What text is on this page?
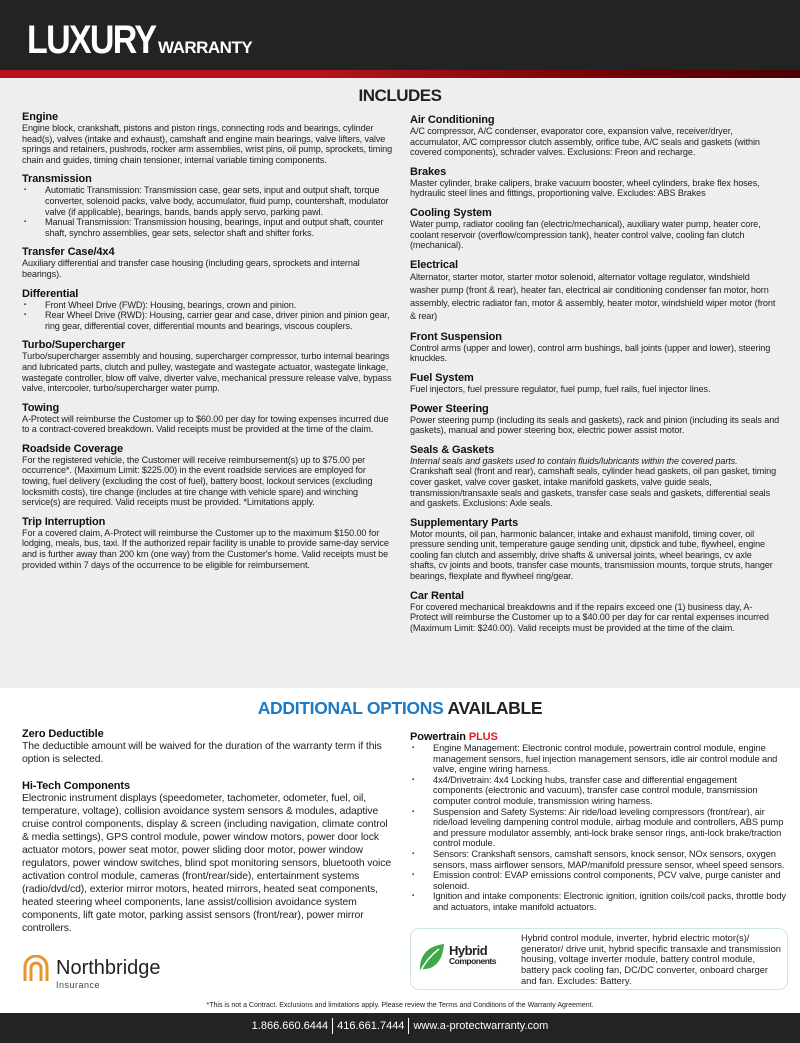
LUXURY WARRANTY
INCLUDES
Engine

Engine block, crankshaft, pistons and piston rings, connecting rods and bearings, cylinder head(s), valves (intake and exhaust), camshaft and engine main bearings, valve lifters, valve springs and retainers, pushrods, rocker arm assemblies, wrist pins, oil pump, sprockets, timing chain and guides, timing chain tensioner, internal variable timing components.

Transmission
▪ Automatic Transmission: Transmission case, gear sets, input and output shaft, torque converter, solenoid packs, valve body, accumulator, fluid pump, countershaft, modulator valve (if applicable), bearings, bands, bands apply servo, parking pawl.
▪ Manual Transmission: Transmission housing, bearings, input and output shaft, counter shaft, synchro assemblies, gear sets, selector shaft and shifter forks.
Transfer Case/4x4

Auxiliary differential and transfer case housing (including gears, sprockets and internal bearings).

Differential
▪ Front Wheel Drive (FWD): Housing, bearings, crown and pinion.
▪ Rear Wheel Drive (RWD): Housing, carrier gear and case, driver pinion and pinion gear, ring gear, differential cover, differential mounts and bearings, viscous couplers.
Turbo/Supercharger

Turbo/supercharger assembly and housing, supercharger compressor, turbo internal bearings and lubricated parts, clutch and pulley, wastegate and wastegate actuator, wastegate linkage, wastegate controller, blow off valve, diverter valve, mechanical pressure release valve, bypass valve, intercooler, turbo/supercharger water pump.

Towing

A-Protect will reimburse the Customer up to $60.00 per day for towing expenses incurred due to a contract-covered breakdown. Valid receipts must be provided at the time of the claim.

Roadside Coverage

For the registered vehicle, the Customer will receive reimbursement(s) up to $75.00 per occurrence*. (Maximum Limit: $225.00) in the event roadside services are employed for towing, fuel delivery (excluding the cost of fuel), battery boost, lockout services (excluding locksmith costs), tire change (includes at tire change with vehicle spare) and winching service(s) are required. Valid receipts must be provided. *Limitations apply.

Trip Interruption

For a covered claim, A-Protect will reimburse the Customer up to the maximum $150.00 for lodging, meals, bus, taxi. If the authorized repair facility is unable to provide same-day service and is further away than 200 km (one way) from the Customer's home. Valid receipts must be provided within 7 days of the occurrence to be eligible for reimbursement.

Air Conditioning

A/C compressor, A/C condenser, evaporator core, expansion valve, receiver/dryer, accumulator, A/C compressor clutch assembly, orifice tube, A/C seals and gaskets (within covered components), schrader valves. Exclusions: Freon and recharge.

Brakes

Master cylinder, brake calipers, brake vacuum booster, wheel cylinders, brake flex hoses, hydraulic steel lines and fittings, proportioning valve. Excludes: ABS Brakes

Cooling System

Water pump, radiator cooling fan (electric/mechanical), auxiliary water pump, heater core, coolant reservoir (overflow/compression tank), heater control valve, cooling fan clutch (mechanical).

Electrical

Alternator, starter motor, starter motor solenoid, alternator voltage regulator, windshield washer pump (front & rear), heater fan, electrical air conditioning condenser fan motor, horn assembly, electric radiator fan, motor & assembly, heater motor, windshield wiper motor (front & rear)

Front Suspension

Control arms (upper and lower), control arm bushings, ball joints (upper and lower), steering knuckles.

Fuel System

Fuel injectors, fuel pressure regulator, fuel pump, fuel rails, fuel injector lines.

Power Steering

Power steering pump (including its seals and gaskets), rack and pinion (including its seals and gaskets), manual and power steering box, electric power assist motor.

Seals & Gaskets

Internal seals and gaskets used to contain fluids/lubricants within the covered parts.

Crankshaft seal (front and rear), camshaft seals, cylinder head gaskets, oil pan gasket, timing cover gasket, valve cover gasket, intake manifold gaskets, valve guide seals, transmission/transaxle seals and gaskets, transfer case seals and gaskets, differential seals and gaskets. Exclusions: Axle seals.

Supplementary Parts

Motor mounts, oil pan, harmonic balancer, intake and exhaust manifold, timing cover, oil pressure sending unit, temperature gauge sending unit, dipstick and tube, flywheel, engine cooling fan clutch and assembly, drive shafts & universal joints, wheel bearings, cv axle shafts, cv joints and boots, transfer case mounts, transmission mounts, torque struts, hanger bearings, flexplate and flywheel ring/gear.

Car Rental

For covered mechanical breakdowns and if the repairs exceed one (1) business day, A-Protect will reimburse the Customer up to a $40.00 per day for car rental expenses incurred (Maximum Limit: $240.00). Valid receipts must be provided at the time of the claim.

ADDITIONAL OPTIONS AVAILABLE
Zero Deductible

The deductible amount will be waived for the duration of the warranty term if this option is selected.

Hi-Tech Components

Electronic instrument displays (speedometer, tachometer, odometer, fuel, oil, temperature, voltage), collision avoidance system sensors & modules, adaptive cruise control components, display & screen (including navigation, climate control & media settings), GPS control module, power window motors, power door lock actuator motors, power seat motor, power sliding door motor, power window regulators, power window switches, blind spot monitoring sensors, bluetooth voice activation control module, cameras (front/rear/side), entertainment systems (radio/dvd/cd), exterior mirror motors, heated mirrors, heated seat components, heated steering wheel components, lane assist/collision avoidance system components, lift gate motor, parking assist sensors (front/rear), power mirror controllers.

Powertrain PLUS
▪ Engine Management: Electronic control module, powertrain control module, engine management sensors, fuel injection management sensors, idle air control module and valve, engine wiring harness.
▪ 4x4/Drivetrain: 4x4 Locking hubs, transfer case and differential engagement components (electronic and vacuum), transfer case control module, transmission computer control module, transmission wiring harness.
▪ Suspension and Safety Systems: Air ride/load leveling compressors (front/rear), air ride/load leveling dampening control module, airbag module and controllers, ABS pump and pressure modulator assembly, anti-lock brake sensor rings, anti-lock brake/traction control module.
▪ Sensors: Crankshaft sensors, camshaft sensors, knock sensor, NOx sensors, oxygen sensors, mass airflower sensors, MAP/manifold pressure sensor, wheel speed sensors.
▪ Emission control: EVAP emissions control components, PCV valve, purge canister and solenoid.
▪ Ignition and intake components: Electronic ignition, ignition coils/coil packs, throttle body and actuators, intake manifold actuators.
Hybrid
Components
Hybrid control module, inverter, hybrid electric motor(s)/ generator/ drive unit, hybrid specific transaxle and transmission housing, voltage inverter module, battery control module, battery pack cooling fan, DC/DC converter, onboard charger and fan. Excludes: Battery.
Northbridge
Insurance
*This is not a Contract. Exclusions and limitations apply. Please review the Terms and Conditions of the Warranty Agreement.
1.866.660.6444 416.661.7444 www.a-protectwarranty.com
